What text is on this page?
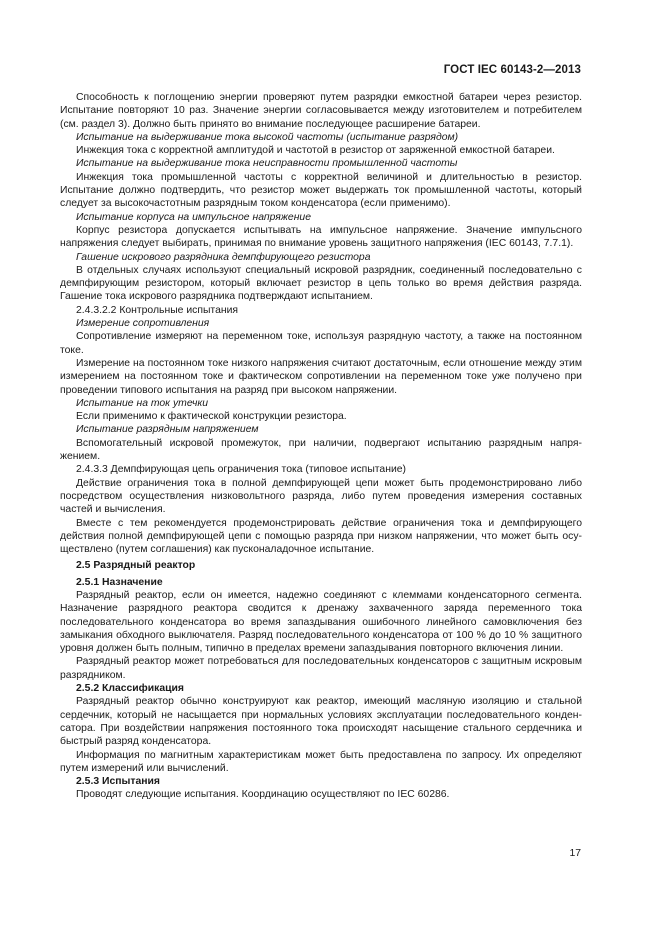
ГОСТ IEC 60143-2—2013

Способность к поглощению энергии проверяют путем разрядки емкостной батареи через резистор. Испытание повторяют 10 раз. Значение энергии согласовывается между изготовителем и потребителем (см. раздел 3). Должно быть принято во внимание последующее расширение батареи.

Испытание на выдерживание тока высокой частоты (испытание разрядом)

Инжекция тока с корректной амплитудой и частотой в резистор от заряженной емкостной батареи.

Испытание на выдерживание тока неисправности промышленной частоты

Инжекция тока промышленной частоты с корректной величиной и длительностью в резистор. Испытание должно подтвердить, что резистор может выдержать ток промышленной частоты, который следует за высокочастотным разрядным током конденсатора (если применимо).

Испытание корпуса на импульсное напряжение

Корпус резистора допускается испытывать на импульсное напряжение. Значение импульсного напряжения следует выбирать, принимая по внимание уровень защитного напряжения (IEC 60143, 7.7.1).

Гашение искрового разрядника демпфирующего резистора

В отдельных случаях используют специальный искровой разрядник, соединенный последовательно с демпфирующим резистором, который включает резистор в цепь только во время действия разряда. Гашение тока искрового разрядника подтверждают испытанием.

2.4.3.2.2 Контрольные испытания

Измерение сопротивления

Сопротивление измеряют на переменном токе, используя разрядную частоту, а также на постоянном токе.

Измерение на постоянном токе низкого напряжения считают достаточным, если отношение между этим измерением на постоянном токе и фактическом сопротивлении на переменном токе уже получено при проведении типового испытания на разряд при высоком напряжении.

Испытание на ток утечки

Если применимо к фактической конструкции резистора.

Испытание разрядным напряжением

Вспомогательный искровой промежуток, при наличии, подвергают испытанию разрядным напряжением.

2.4.3.3 Демпфирующая цепь ограничения тока (типовое испытание)

Действие ограничения тока в полной демпфирующей цепи может быть продемонстрировано либо посредством осуществления низковольтного разряда, либо путем проведения измерения составных частей и вычисления.

Вместе с тем рекомендуется продемонстрировать действие ограничения тока и демпфирующего действия полной демпфирующей цепи с помощью разряда при низком напряжении, что может быть осуществлено (путем соглашения) как пусконаладочное испытание.

2.5 Разрядный реактор

2.5.1 Назначение

Разрядный реактор, если он имеется, надежно соединяют с клеммами конденсаторного сегмента. Назначение разрядного реактора сводится к дренажу захваченного заряда переменного тока последовательного конденсатора во время запаздывания ошибочного линейного самовключения без замыкания обходного выключателя. Разряд последовательного конденсатора от 100 % до 10 % защитного уровня должен быть полным, типично в пределах времени запаздывания повторного включения линии.

Разрядный реактор может потребоваться для последовательных конденсаторов с защитным искровым разрядником.

2.5.2 Классификация

Разрядный реактор обычно конструируют как реактор, имеющий масляную изоляцию и стальной сердечник, который не насыщается при нормальных условиях эксплуатации последовательного конденсатора. При воздействии напряжения постоянного тока происходят насыщение стального сердечника и быстрый разряд конденсатора.

Информация по магнитным характеристикам может быть предоставлена по запросу. Их определяют путем измерений или вычислений.

2.5.3 Испытания

Проводят следующие испытания. Координацию осуществляют по IEC 60286.

17
